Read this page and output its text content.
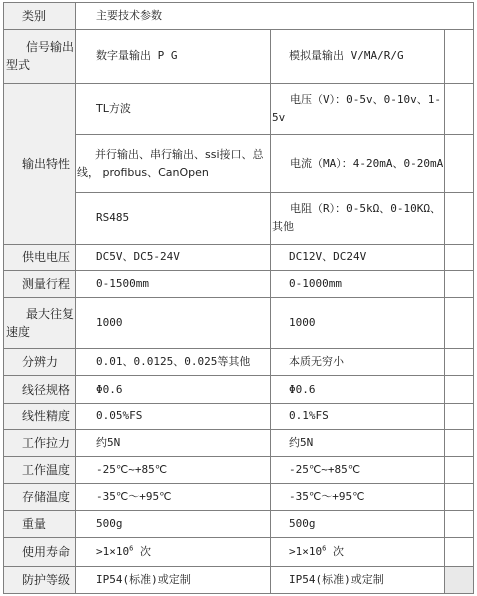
类别	主要技术参数		
信号输出型式	数字量输出 P G	模拟量输出 V/MA/R/G	
输出特性	TL方波	电压（V）：0-5v、0-10v、1-5v	
	并行输出、串行输出、ssi接口、总线， profibus、CanOpen	电流（MA）：4-20mA、0-20mA	
	RS485	电阻（R）：0-5kΩ、0-10KΩ、其他	
供电电压	DC5V、DC5-24V	DC12V、DC24V	
测量行程	0-1500mm	0-1000mm	
最大往复速度	1000	1000	
分辨力	0.01、0.0125、0.025等其他	本质无穷小	
线径规格	Φ0.6	Φ0.6	
线性精度	0.05%FS	0.1%FS	
工作拉力	约5N	约5N	
工作温度	-25℃~+85℃	-25℃~+85℃	
存储温度	-35℃～+95℃	-35℃～+95℃	
重量	500g	500g	
使用寿命	$>1\times 10^6$ 次	$>1\times 10^6$ 次	
防护等级	IP54(标准)或定制	IP54(标准)或定制	
